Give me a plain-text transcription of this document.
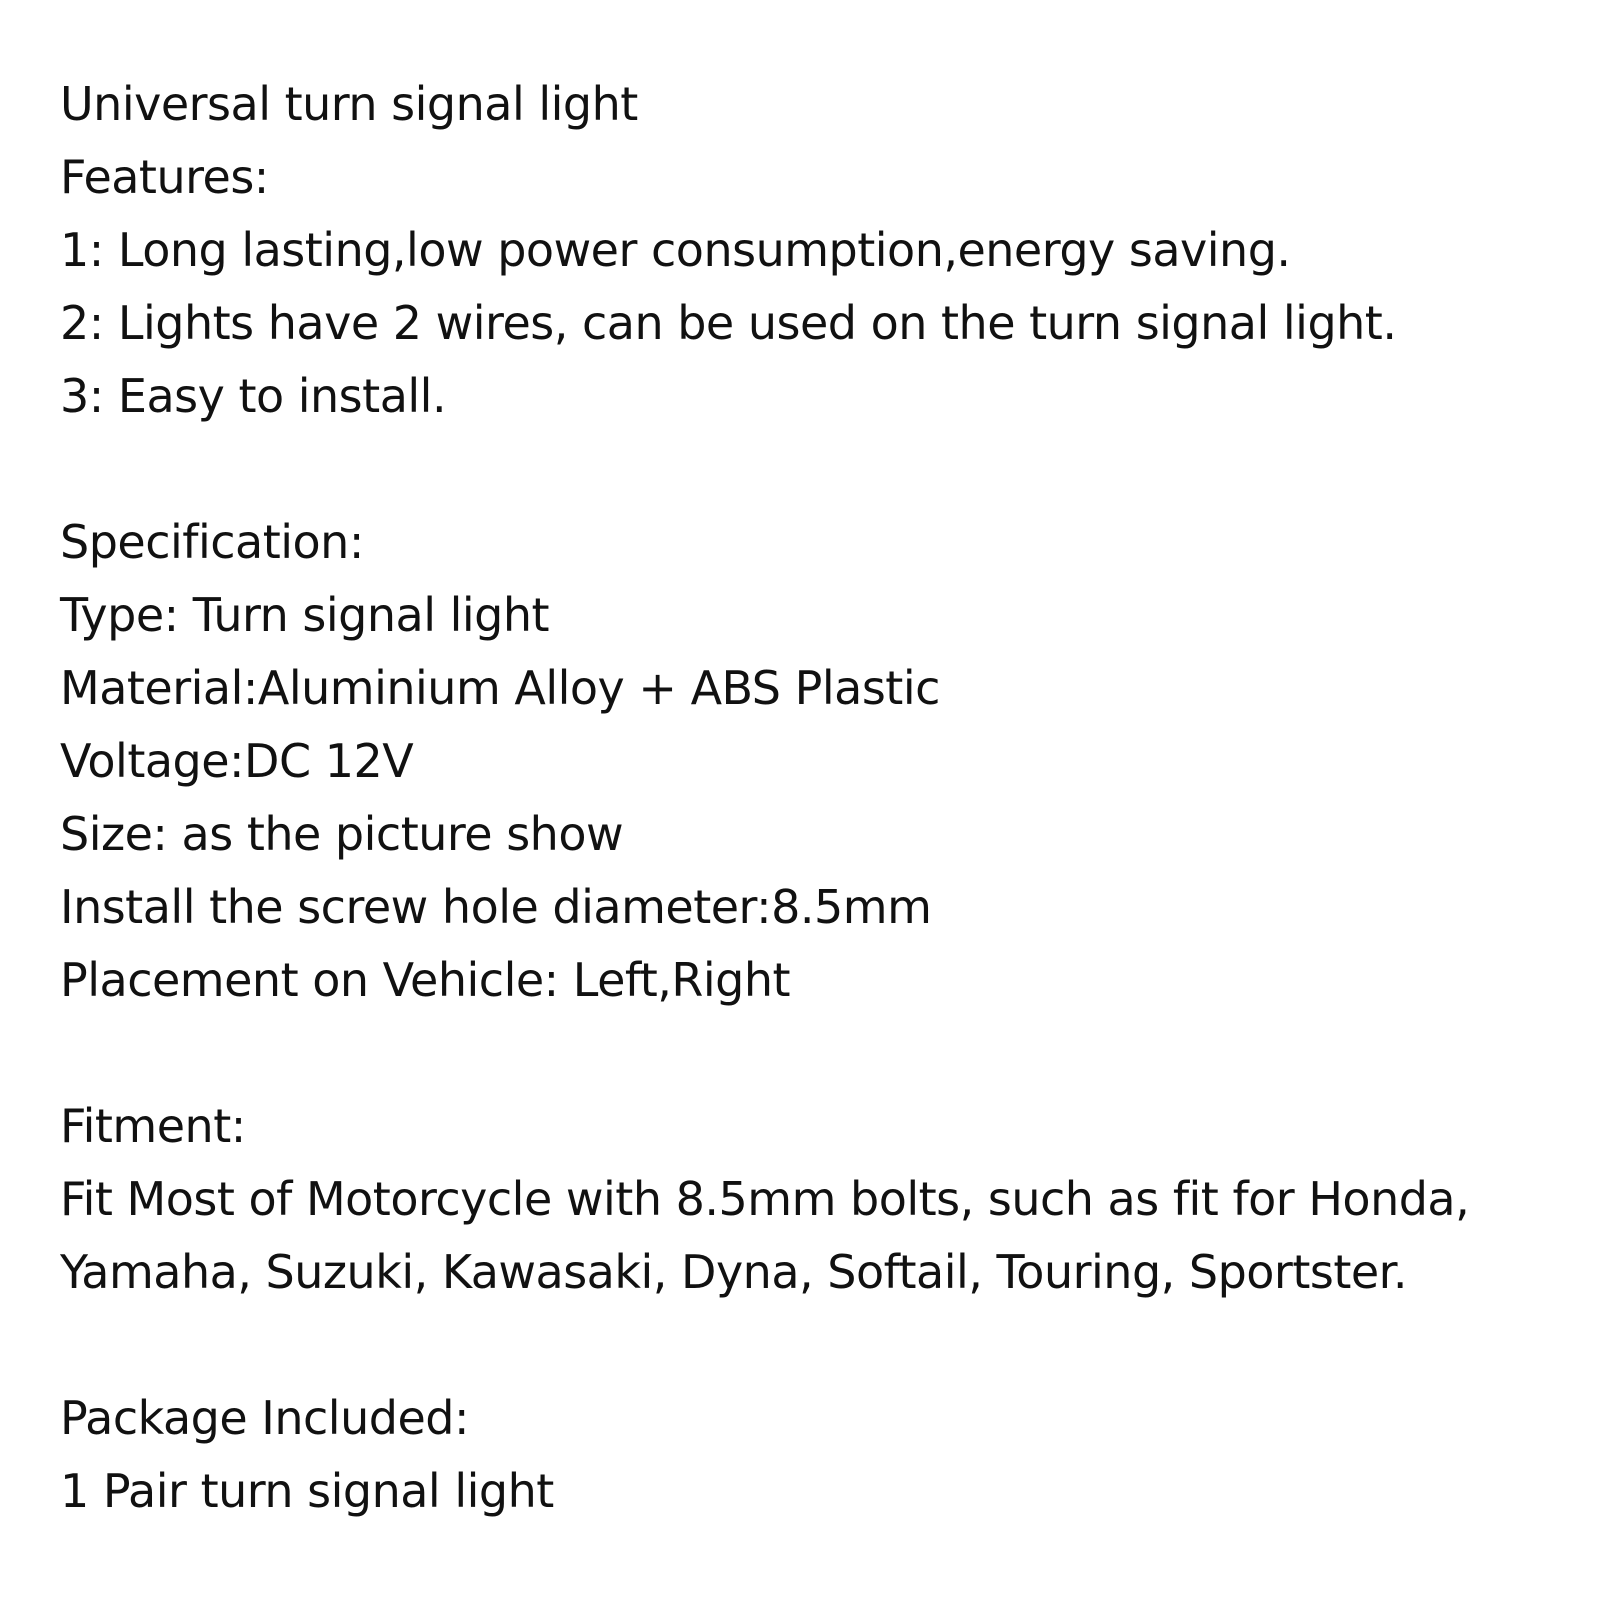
Universal turn signal light
Features:
1: Long lasting,low power consumption,energy saving.
2: Lights have 2 wires, can be used on the turn signal light.
3: Easy to install.
Specification:
Type: Turn signal light
Material:Aluminium Alloy + ABS Plastic
Voltage:DC 12V
Size: as the picture show
Install the screw hole diameter:8.5mm
Placement on Vehicle: Left,Right
Fitment:
Fit Most of Motorcycle with 8.5mm bolts, such as fit for Honda,
Yamaha, Suzuki, Kawasaki, Dyna, Softail, Touring, Sportster.
Package Included:
1 Pair turn signal light
